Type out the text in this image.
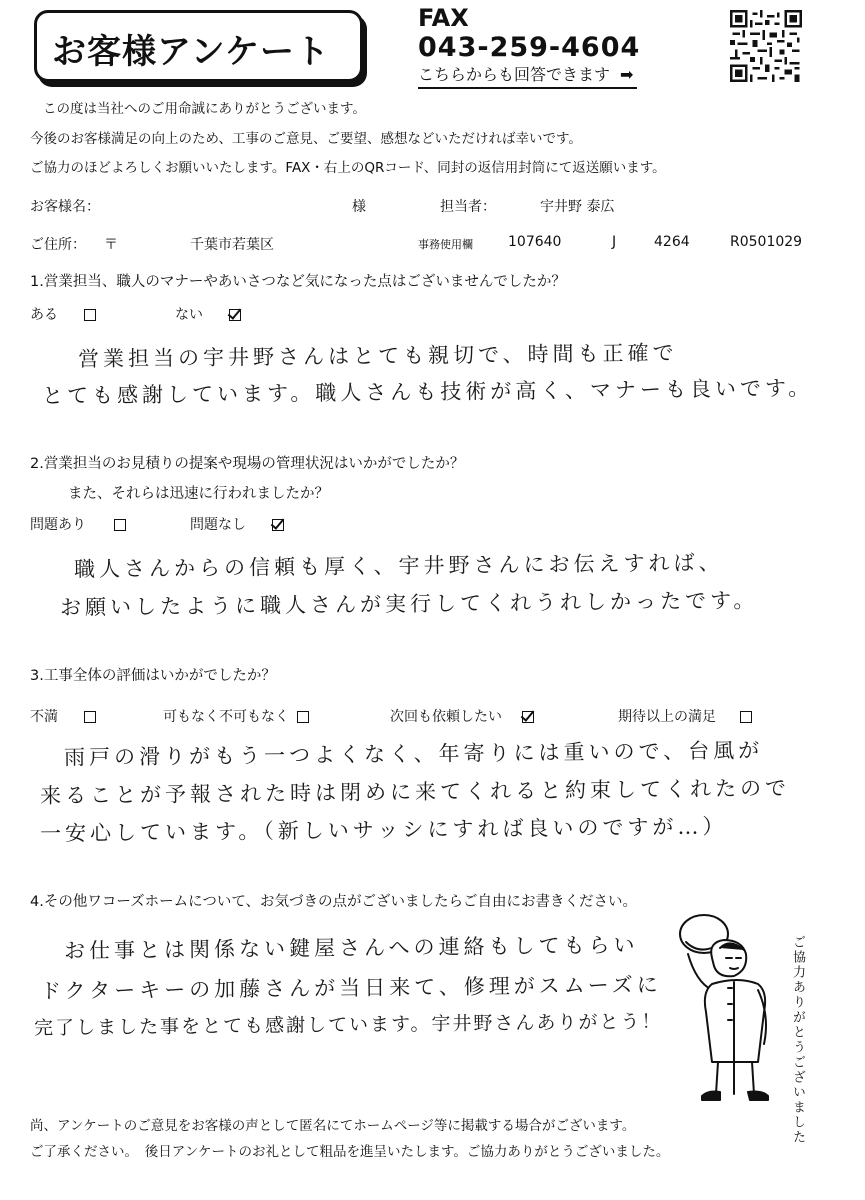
お客様アンケート
FAX
043-259-4604
こちらからも回答できます ➡
この度は当社へのご用命誠にありがとうございます。
今後のお客様満足の向上のため、工事のご意見、ご要望、感想などいただければ幸いです。
ご協力のほどよろしくお願いいたします。FAX・右上のQRコード、同封の返信用封筒にて返送願います。
お客様名：	様	担当者：	宇井野 泰広
ご住所： 〒	千葉市若葉区	事務使用欄	107640	J	4264	R0501029
1.営業担当、職人のマナーやあいさつなど気になった点はございませんでしたか？
ある	ない
営業担当の宇井野さんはとても親切で、時間も正確で
とても感謝しています。職人さんも技術が高く、マナーも良いです。
2.営業担当のお見積りの提案や現場の管理状況はいかがでしたか？
また、それらは迅速に行われましたか？
問題あり	問題なし
職人さんからの信頼も厚く、宇井野さんにお伝えすれば、
お願いしたように職人さんが実行してくれうれしかったです。
3.工事全体の評価はいかがでしたか？
不満	可もなく不可もなく	次回も依頼したい	期待以上の満足
雨戸の滑りがもう一つよくなく、年寄りには重いので、台風が
来ることが予報された時は閉めに来てくれると約束してくれたので
一安心しています。（新しいサッシにすれば良いのですが…）
4.その他ワコーズホームについて、お気づきの点がございましたらご自由にお書きください。
お仕事とは関係ない鍵屋さんへの連絡もしてもらい
ドクターキーの加藤さんが当日来て、修理がスムーズに
完了しました事をとても感謝しています。宇井野さんありがとう！	ご協力ありがとうございました
尚、アンケートのご意見をお客様の声として匿名にてホームページ等に掲載する場合がございます。
ご了承ください。　後日アンケートのお礼として粗品を進呈いたします。ご協力ありがとうございました。
